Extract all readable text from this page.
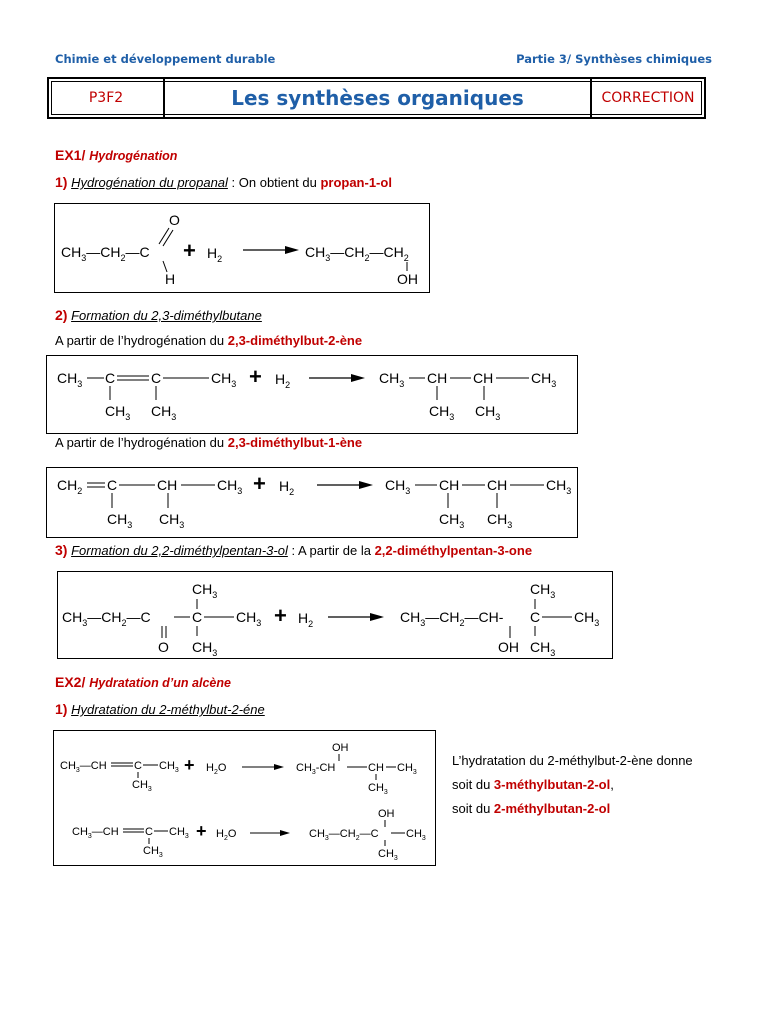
Chimie et développement durable	Partie 3/ Synthèses chimiques
P3F2	Les synthèses organiques	CORRECTION
EX1/ Hydrogénation
1) Hydrogénation du propanal : On obtient du propan-1-ol
$CH_3—CH_2—C$
O
H
+ $H_2$	$CH_3—CH_2—CH_2$
OH
2) Formation du 2,3-diméthylbutane
A partir de l’hydrogénation du 2,3-diméthylbut-2-ène
$CH_3$ C	C	$CH_3$
$CH_3$ $CH_3$
+ $H_2$	$CH_3$ CH CH	$CH_3$
$CH_3$ $CH_3$
A partir de l’hydrogénation du 2,3-diméthylbut-1-ène
$CH_2$ C	CH	$CH_3$
$CH_3$ $CH_3$
+ $H_2$	$CH_3$ CH CH	$CH_3$
$CH_3$ $CH_3$
3) Formation du 2,2-diméthylpentan-3-ol : A partir de la 2,2-diméthylpentan-3-one
$CH_3—CH_2—C$	C $CH_3$
$CH_3$
$CH_3$
O
+ $H_2$	$CH_3—CH_2—CH-$ C $CH_3$
$CH_3$
$CH_3$
OH
EX2/ Hydratation d’un alcène
1) Hydratation du 2-méthylbut-2-éne
$CH_3—CH$ C $CH_3$
$CH_3$
+ $H_2O$	$CH_3-CH$	CH $CH_3$
OH
$CH_3$
$CH_3—CH$ C $CH_3$
$CH_3$
+ $H_2O$	$CH_3—CH_2—C$ $CH_3$
OH
$CH_3$
L’hydratation du 2-méthylbut-2-ène donne
soit du 3-méthylbutan-2-ol,
soit du 2-méthylbutan-2-ol
